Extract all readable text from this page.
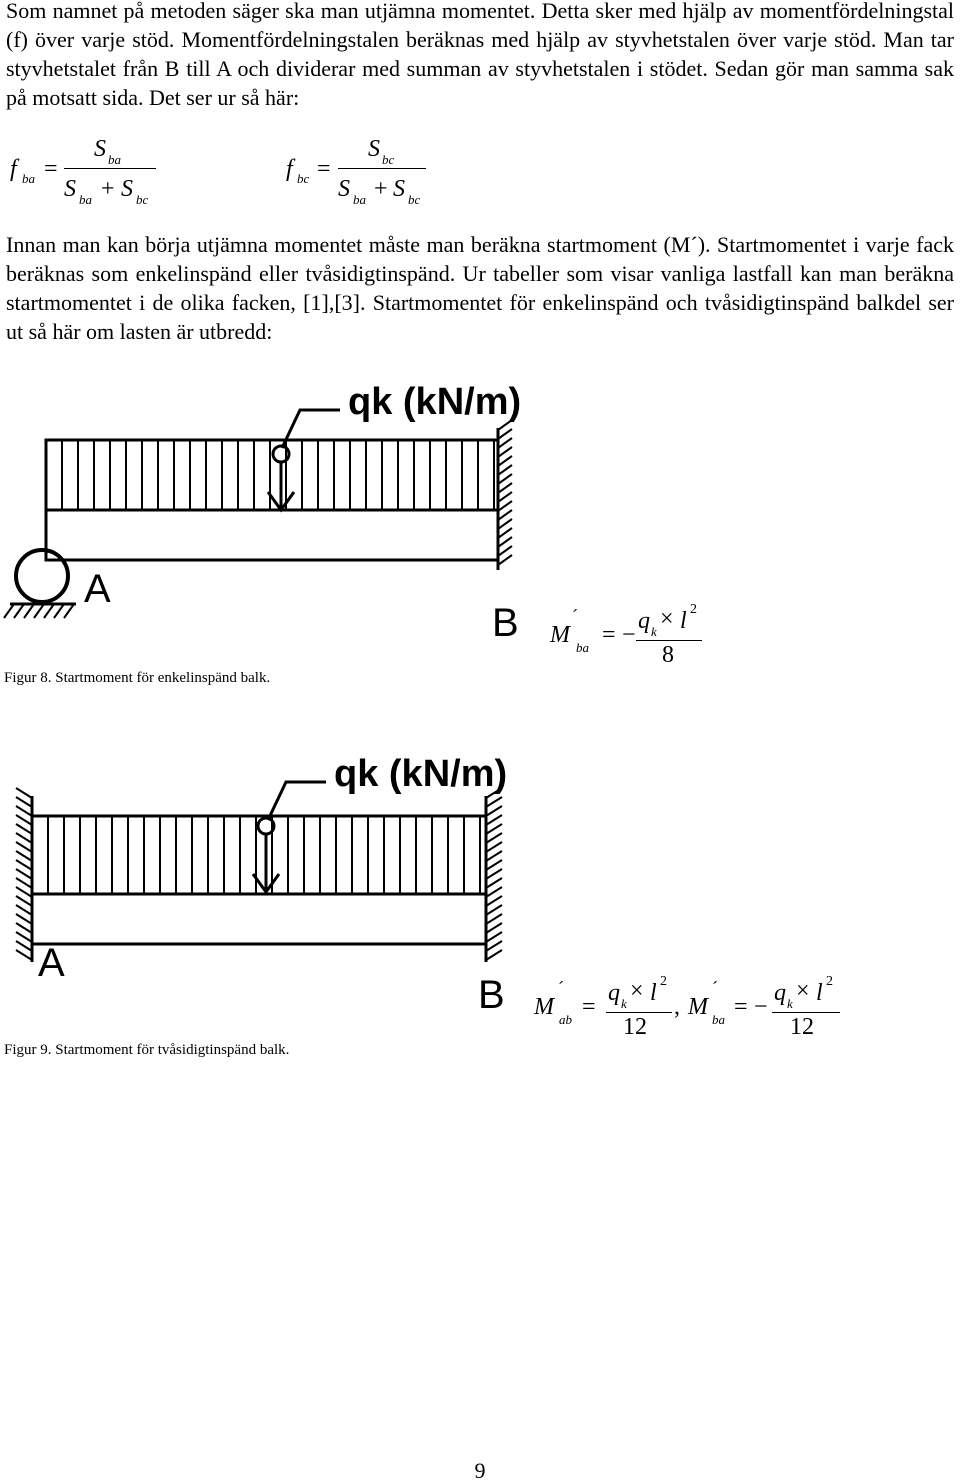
Som namnet på metoden säger ska man utjämna momentet. Detta sker med hjälp av momentfördelningstal (f) över varje stöd. Momentfördelningstalen beräknas med hjälp av styvhetstalen över varje stöd. Man tar styvhetstalet från B till A och dividerar med summan av styvhetstalen i stödet. Sedan gör man samma sak på motsatt sida. Det ser ur så här:

f ba =
S ba
S ba + S bc
f bc =
S bc
S ba + S bc

Innan man kan börja utjämna momentet måste man beräkna startmoment (M´). Startmomentet i varje fack beräknas som enkelinspänd eller tvåsidigtinspänd. Ur tabeller som visar vanliga lastfall kan man beräkna startmomentet i de olika facken, [1],[3]. Startmomentet för enkelinspänd och tvåsidigtinspänd balkdel ser ut så här om lasten är utbredd:

qk (kN/m)
A
B M
´
ba = −
q k × l 2
8
Figur 8. Startmoment för enkelinspänd balk.
qk (kN/m)
A
B M
´
ab =
q k × l 2
12
, M
´
ba = −
q k × l 2
12
Figur 9. Startmoment för tvåsidigtinspänd balk.
9
